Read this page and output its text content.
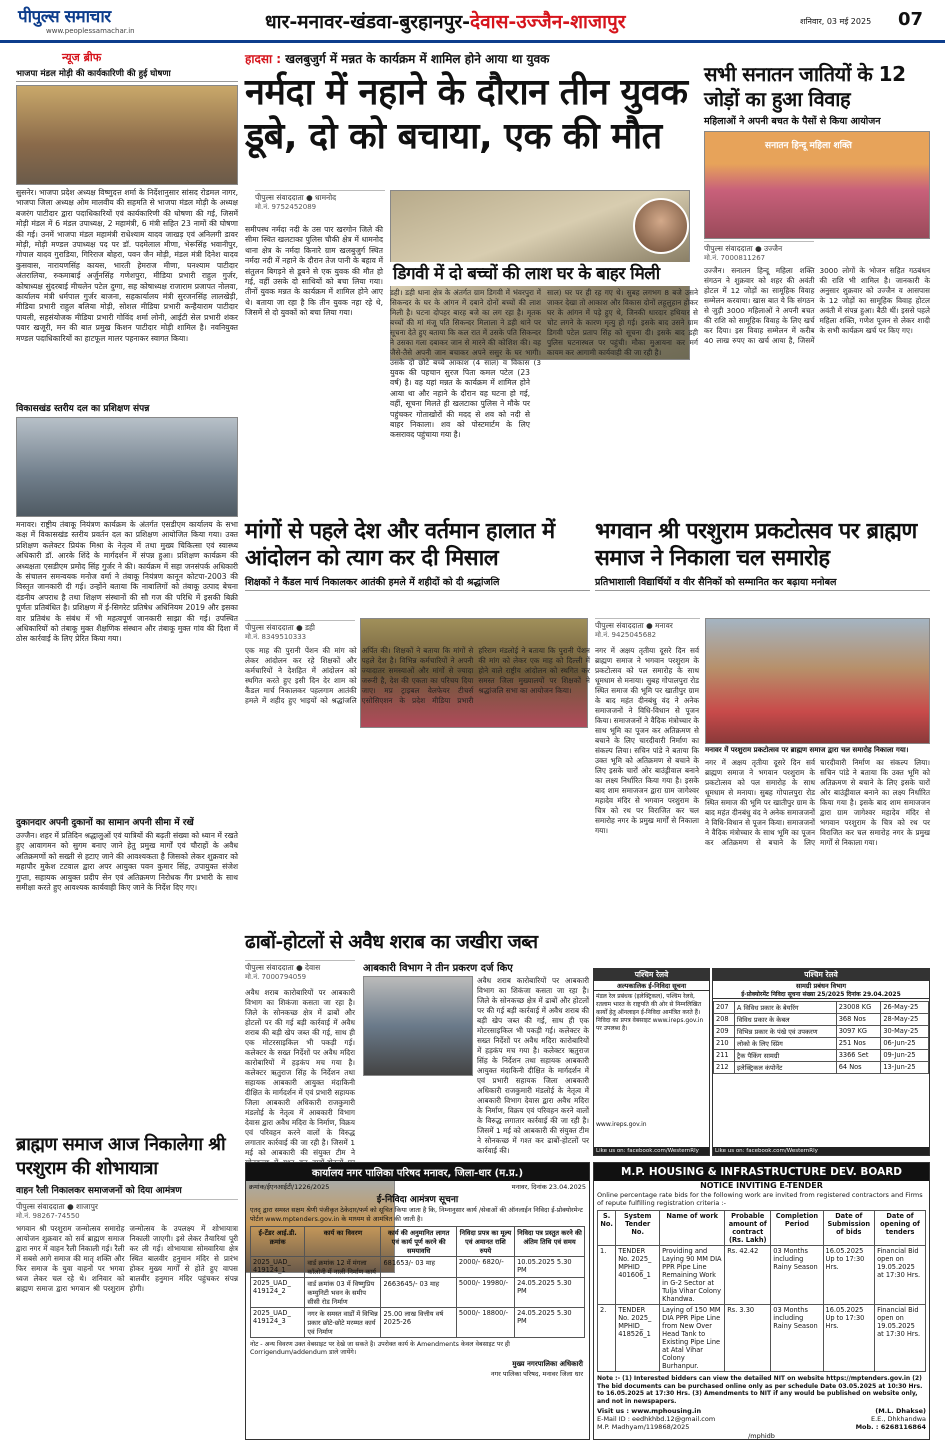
पीपुल्स समाचार
www.peoplessamachar.in	धार-मनावर-खंडवा-बुरहानपुर-देवास-उज्जैन-शाजापुर	शनिवार, 03 मई 2025	07
न्यूज ब्रीफ
भाजपा मंडल मोड़ी की कार्यकारिणी की हुई घोषणा
सुसनेर। भाजपा प्रदेश अध्यक्ष विष्णुदत्त शर्मा के निर्देशानुसार सांसद रोडमल नागर, भाजपा जिला अध्यक्ष ओम मालवीय की सहमति से भाजपा मंडल मोड़ी के अध्यक्ष बजरंग पाटीदार द्वारा पदाधिकारियों एवं कार्यकारिणी की घोषणा की गई, जिसमें मोड़ी मंडल में 6 मंडल उपाध्यक्ष, 2 महामंत्री, 6 मंत्री सहित 23 नामों की घोषणा की गई। उनमें भाजपा मंडल महामंत्री राधेश्याम यादव जाखड़ एवं अनिलगी डावर मोड़ी, मोड़ी मण्डल उपाध्यक्ष पद पर डॉ. पदमेलाल मीणा, भेरूसिंह भवानीपुर, गोपाल यादव गुराडिया, गिरिराज बोहरा, पवन जैन मोड़ी, मंडल मंत्री दिनेश यादव कुसवास, नारायणसिंह कायस, भारती हेमराज मीणा, घनश्याम पाटीदार अंतरालिया, रुकमाबाई अर्जुनसिंह गणेशपुरा, मीडिया प्रभारी राहुल गुर्जर, कोषाध्यक्ष सुंदरबाई मीचलेन पटेल दुग्गा, सह कोषाध्यक्ष राजाराम प्रजापत नोलवा, कार्यालय मंत्री धर्मपाल गुर्जर बाजना, सहकार्यालय मंत्री सुरजनसिंह लालखेड़ी, मीडिया प्रभारी राहुल बलिया मोड़ी, सोशल मीडिया प्रभारी कन्हैयाराम पाटीदार पायली, सहसंयोजक मीडिया प्रभारी गोविंद शर्मा लोनी, आईटी सेल प्रभारी शंकर पवार खजूरी, मन की बात प्रमुख किशन पाटीदार मोड़ी शामिल है। नवनियुक्त मण्डल पदाधिकारियों का हाटफूल मालर पहनाकर स्वागत किया।
विकासखंड स्तरीय दल का प्रशिक्षण संपन्न
मनावर। राष्ट्रीय तंबाकू नियंत्रण कार्यक्रम के अंतर्गत एसडीएम कार्यालय के सभा कक्ष में विकासखंड स्तरीय प्रवर्तन दल का प्रशिक्षण आयोजित किया गया। उक्त प्रशिक्षण कलेक्टर प्रियंक मिश्रा के नेतृत्व में तथा मुख्य चिकित्सा एवं स्वास्थ्य अधिकारी डॉ. आरके शिंदे के मार्गदर्शन में संपन्न हुआ। प्रशिक्षण कार्यक्रम की अध्यक्षता एसडीएम प्रमोद सिंह गुर्जर ने की। कार्यक्रम में सहा जनसंपर्क अधिकारी के संचालन समन्वयक मनोज वर्मा ने तंबाकू नियंत्रण कानून कोटपा-2003 की विस्तृत जानकारी दी गई। उन्होंने बताया कि नाबालिगों को तंबाकू उत्पाद बेचना दंडनीय अपराध है तथा शिक्षण संस्थानों की सौ गज की परिधि में इसकी बिक्री पूर्णतः प्रतिबंधित है। प्रशिक्षण में ई-सिगरेट प्रतिषेध अधिनियम 2019 और इसका वार प्रतिबंध के संबंध में भी महत्वपूर्ण जानकारी साझा की गई। उपस्थित अधिकारियों को तंबाकू मुक्त शैक्षणिक संस्थान और तंबाकू मुक्त गांव की दिशा में ठोस कार्रवाई के लिए प्रेरित किया गया।
दुकानदार अपनी दुकानों का सामान अपनी सीमा में रखें
उज्जैन। शहर में प्रतिदिन श्रद्धालुओं एवं यात्रियों की बढ़ती संख्या को ध्यान में रखते हुए आवागमन को सुगम बनाए जाने हेतु प्रमुख मार्गों एवं चौराहों के अवैध अतिक्रमणों को सख्ती से हटाए जाने की आवश्यकता है जिसको लेकर शुक्रवार को महापौर मुकेश टटवाल द्वारा अपर आयुक्त पवन कुमार सिंह, उपायुक्त संजेश गुप्ता, सहायक आयुक्त प्रदीप सेन एवं अतिक्रमण निरोधक गैंग प्रभारी के साथ समीक्षा करते हुए आवश्यक कार्यवाही किए जाने के निर्देश दिए गए।
हादसा : खलबुजुर्ग में मन्नत के कार्यक्रम में शामिल होने आया था युवक
नर्मदा में नहाने के दौरान तीन युवक डूबे, दो को बचाया, एक की मौत
पीपुल्स संवाददाता ● धामनोद
मो.नं. 9752452089
समीपस्थ नर्मदा नदी के उस पार खरगोन जिले की सीमा स्थित खलटाका पुलिस चौकी क्षेत्र में धामनोद थाना क्षेत्र के नर्मदा किनारे ग्राम खलबुजुर्ग स्थित नर्मदा नदी में नहाने के दौरान तेज पानी के बहाव में संतुलन बिगड़ने से डूबने से एक युवक की मौत हो गई, वहीं उसके दो साथियों को बचा लिया गया। तीनों युवक मन्नत के कार्यक्रम में शामिल होने आए थे। बताया जा रहा है कि तीन युवक नहा रहे थे, जिसमें से दो युवकों को बचा लिया गया।
युवक की पहचान सुरज पिता कमल पटेल (23 वर्ष) है। वह यहां मन्नत के कार्यक्रम में शामिल होने आया था और नहाने के दौरान वह घटना हो गई, वहीं, सूचना मिलते ही खलटाका पुलिस ने मौके पर पहुंचकर गोताखोरों की मदद से शव को नदी से बाहर निकाला। शव को पोस्टमार्टम के लिए कसरावद पहुंचाया गया है।
डिगवी में दो बच्चों की लाश घर के बाहर मिली
डही। डही थाना क्षेत्र के अंतर्गत ग्राम डिगवी में भंवरपुरा में सिकन्दर के घर के आंगन में दबाने दोनों बच्चों की लाश मिली है। घटना दोपहर बारह बजे का लग रहा है। मृतक बच्चों की मां मंजू पति सिकन्दर मिलाला ने डही थाने पर सूचना देते हुए बताया कि कल रात में उसके पति सिकन्दर ने उसका गला दबाकर जान से मारने की कोशिश की। वह जैसे-तैसे अपनी जान बचाकर अपने ससुर के घर भागी। उसके दो छोटे बच्चे आकाश (4 साल) व विकास (3 साल) घर पर ही रह गए थे। सुबह लगभग 8 बजे उसने जाकर देखा तो आकाश और विकास दोनों लहूलुहान होकर घर के आंगन में पड़े हुए थे, जिनकी धारदार हथियार से चोट लगने के कारण मृत्यु हो गई। इसके बाद उसने ग्राम डिगवी पटेल प्रताप सिंह को सूचना दी। इसके बाद डही पुलिस घटनास्थल पर पहुंची। मौका मुआयना कर मर्ग कायम कर आगामी कार्यवाही की जा रही है।
सभी सनातन जातियों के 12 जोड़ों का हुआ विवाह
महिलाओं ने अपनी बचत के पैसों से किया आयोजन
सनातन हिन्दू महिला शक्ति
पीपुल्स संवाददाता ● उज्जैन
मो.नं. 7000811267
उज्जैन। सनातन हिन्दू महिला शक्ति संगठन ने शुक्रवार को शहर की अवंती होटल में 12 जोड़ों का सामूहिक विवाह सम्मेलन करवाया। खास बात ये कि संगठन से जुड़ी 3000 महिलाओं ने अपनी बचत की राशि को सामूहिक विवाह के लिए खर्च कर दिया। इस विवाह सम्मेलन में करीब 40 लाख रुपए का खर्च आया है, जिसमें 3000 लोगों के भोजन सहित गठबंधन की राशि भी शामिल है। जानकारी के अनुसार शुक्रवार को उज्जैन व आसपास के 12 जोड़ों का सामूहिक विवाह होटल अवंती में संपन्न हुआ। बैठी थीं। इससे पहले महिला शक्ति, गणेश पूजन से लेकर शादी के सभी कार्यक्रम खर्च पर किए गए।
मांगों से पहले देश और वर्तमान हालात में आंदोलन को त्याग कर दी मिसाल
शिक्षकों ने कैंडल मार्च निकालकर आतंकी हमले में शहीदों को दी श्रद्धांजलि
पीपुल्स संवाददाता ● डही
मो.नं. 8349510333
एक माह की पुरानी पेंशन की मांग को लेकर आंदोलन कर रहे शिक्षकों और कर्मचारियों ने देशहित में आंदोलन को स्थगित करते हुए इसी दिन देर शाम को कैंडल मार्च निकालकर पहलगाम आतंकी हमले में शहीद हुए भाइयों को श्रद्धांजलि अर्पित की। शिक्षकों ने बताया कि मांगों से पहले देश है। विभिन्न कर्मचारियों ने अपनी ज्यादातर समस्याओं और मांगों से ज्यादा जरूरी है, देश की एकता का परिचय दिया जाए। मप्र ट्राइबल वेलफेयर टीचर्स एसोसिएशन के प्रदेश मीडिया प्रभारी हरिराम मंडलोई ने बताया कि पुरानी पेंशन की मांग को लेकर एक माह को दिल्ली में होने वाले राष्ट्रीय आंदोलन को स्थगित कर समस्त जिला मुख्यालयों पर शिक्षकों ने श्रद्धांजलि सभा का आयोजन किया।
भगवान श्री परशुराम प्रकटोत्सव पर ब्राह्मण समाज ने निकाला चल समारोह
प्रतिभाशाली विद्यार्थियों व वीर सैनिकों को सम्मानित कर बढ़ाया मनोबल
पीपुल्स संवाददाता ● मनावर
मो.नं. 9425045682
नगर में अक्षय तृतीया दूसरे दिन सर्व ब्राह्मण समाज ने भगवान परशुराम के प्रकटोत्सव को पल समारोह के साथ धूमधाम से मनाया। सुबह गोपालपुरा रोड स्थित समाज की भूमि पर खातीपुर ग्राम के बाद महंत दीनबंधु वंद ने अनेक समाजजनों ने विधि-विधान से पूजन किया। समाजजनों ने वैदिक मंत्रोच्चार के साथ भूमि का पूजन कर अतिक्रमण से बचाने के लिए चारदीवारी निर्माण का संकल्प लिया। सचिन पांडे ने बताया कि उक्त भूमि को अतिक्रमण से बचाने के लिए इसके चारों ओर बाउंड्रीवाल बनाने का लक्ष्य निर्धारित किया गया है। इसके बाद शाम समाजजन द्वारा ग्राम जागेश्वर महादेव मंदिर से भगवान परशुराम के चित्र को रथ पर विराजित कर चल समारोह नगर के प्रमुख मार्गों से निकाला गया।
मनावर में परशुराम प्रकटोत्सव पर ब्राह्मण समाज द्वारा चल समारोह निकाला गया।
नगर में अक्षय तृतीया दूसरे दिन सर्व ब्राह्मण समाज ने भगवान परशुराम के प्रकटोत्सव को पल समारोह के साथ धूमधाम से मनाया। सुबह गोपालपुरा रोड स्थित समाज की भूमि पर खातीपुर ग्राम के बाद महंत दीनबंधु वंद ने अनेक समाजजनों ने विधि-विधान से पूजन किया। समाजजनों ने वैदिक मंत्रोच्चार के साथ भूमि का पूजन कर अतिक्रमण से बचाने के लिए चारदीवारी निर्माण का संकल्प लिया। सचिन पांडे ने बताया कि उक्त भूमि को अतिक्रमण से बचाने के लिए इसके चारों ओर बाउंड्रीवाल बनाने का लक्ष्य निर्धारित किया गया है। इसके बाद शाम समाजजन द्वारा ग्राम जागेश्वर महादेव मंदिर से भगवान परशुराम के चित्र को रथ पर विराजित कर चल समारोह नगर के प्रमुख मार्गों से निकाला गया।
ढाबों-होटलों से अवैध शराब का जखीरा जब्त
पीपुल्स संवाददाता ● देवास
मो.नं. 7000794059
आबकारी विभाग ने तीन प्रकरण दर्ज किए
अवैध शराब कारोबारियों पर आबकारी विभाग का शिकंजा कसता जा रहा है। जिले के सोनकच्छ क्षेत्र में ढाबों और होटलों पर की गई बड़ी कार्रवाई में अवैध शराब की बड़ी खेप जब्त की गई, साथ ही एक मोटरसाइकिल भी पकड़ी गई। कलेक्टर के सख्त निर्देशों पर अवैध मदिरा कारोबारियों में हड़कंप मच गया है। कलेक्टर ऋतुराज सिंह के निर्देशन तथा सहायक आबकारी आयुक्त मंदाकिनी दीक्षित के मार्गदर्शन में एवं प्रभारी सहायक जिला आबकारी अधिकारी राजकुमारी मंडलोई के नेतृत्व में आबकारी विभाग देवास द्वारा अवैध मदिरा के निर्माण, विक्रय एवं परिवहन करने वालों के विरुद्ध लगातार कार्रवाई की जा रही है। जिसमें 1 मई को आबकारी की संयुक्त टीम ने
अवैध शराब कारोबारियों पर आबकारी विभाग का शिकंजा कसता जा रहा है। जिले के सोनकच्छ क्षेत्र में ढाबों और होटलों पर की गई बड़ी कार्रवाई में अवैध शराब की बड़ी खेप जब्त की गई, साथ ही एक मोटरसाइकिल भी पकड़ी गई। कलेक्टर के सख्त निर्देशों पर अवैध मदिरा कारोबारियों में हड़कंप मच गया है। कलेक्टर ऋतुराज सिंह के निर्देशन तथा सहायक आबकारी आयुक्त मंदाकिनी दीक्षित के मार्गदर्शन में एवं प्रभारी सहायक जिला आबकारी अधिकारी राजकुमारी मंडलोई के नेतृत्व में आबकारी विभाग देवास द्वारा अवैध मदिरा के निर्माण, विक्रय एवं परिवहन करने वालों के विरुद्ध लगातार कार्रवाई की जा रही है। जिसमें 1 मई को आबकारी की संयुक्त टीम ने सोनकच्छ में गश्त कर ढाबों-होटलों पर कार्रवाई की।
पश्चिम रेलवे
अल्पकालिक ई-निविदा सूचना
मंडल रेल प्रबंधक (इलेक्ट्रिकल), पश्चिम रेलवे, रतलाम भारत के राष्ट्रपति की ओर से निम्नलिखित कार्यों हेतु ऑनलाइन ई-निविदा आमंत्रित करते हैं। निविदा का प्रपत्र वेबसाइट www.ireps.gov.in पर उपलब्ध है।
www.ireps.gov.in
Like us on: facebook.com/WesternRly
पश्चिम रेलवे
सामग्री प्रबंधन विभाग
ई-प्रोक्योरमेंट निविदा सूचना संख्या 25/2025 दिनांक 29.04.2025
207	A विविध प्रकार के बेयरिंग	23008 KG	26-May-25
208	विविध प्रकार के केबल	368 Nos	28-May-25
209	विभिन्न प्रकार के पंखे एवं उपकरण	3097 KG	30-May-25
210	लोको के लिए स्प्रिंग	251 Nos	06-Jun-25
211	ट्रैक पैकिंग सामग्री	3366 Set	09-Jun-25
212	इलेक्ट्रिकल कंपोनेंट	64 Nos	13-Jun-25
Like us on: facebook.com/WesternRly
ब्राह्मण समाज आज निकालेगा श्री परशुराम की शोभायात्रा
वाहन रैली निकालकर समाजजनों को दिया आमंत्रण
पीपुल्स संवाददाता ● शाजापुर
मो.नं. 98267-74550
भगवान श्री परशुराम जन्मोत्सव समारोह आयोजन शुक्रवार को सर्व ब्राह्मण समाज द्वारा नगर में वाहन रैली निकाली गई। रैली में सबसे आगे समाज की मातृ शक्ति और फिर समाज के युवा वाहनों पर भगवा ध्वज लेकर चल रहे थे। शनिवार को ब्राह्मण समाज द्वारा भगवान श्री परशुराम जन्मोत्सव के उपलक्ष्य में शोभायात्रा निकाली जाएगी। इसे लेकर तैयारियां पूरी कर ली गई। शोभायात्रा सोमवारिया क्षेत्र स्थित बालवीर हनुमान मंदिर से प्रारंभ होकर मुख्य मार्गों से होते हुए वापस बालवीर हनुमान मंदिर पहुंचकर संपन्न होगी।
कार्यालय नगर पालिका परिषद मनावर, जिला-धार (म.प्र.)
क्रमांक/ईएनआईटी/1226/2025	मनावर, दिनांक 23.04.2025
ई-निविदा आमंत्रण सूचना
एतद् द्वारा समस्त सक्षम श्रेणी पंजीकृत ठेकेदार/फर्म को सूचित किया जाता है कि, निम्नानुसार कार्य /सेवाओं की ऑनलाईन निविदा ई-प्रोक्योरमेन्ट पोर्टल www.mptenders.gov.in के माध्यम से आमंत्रित की जाती है।
ई-टेंडर आई.डी. क्रमांक	कार्य का विवरण	कार्य की अनुमानित लागत एवं कार्य पूर्ण करने की समयावधि	निविदा प्रपत्र का मूल्य एवं अमानत राशि रुपये	निविदा पत्र प्रस्तुत करने की अंतिम तिथि एवं समय
2025_UAD_ 419124_1	वार्ड क्रमांक 12 में मंगला कॉलोनी में नाली निर्माण कार्य	681653/- 03 माह	2000/- 6820/-	10.05.2025 5.30 PM
2025_UAD_ 419124_2	वार्ड क्रमांक 03 में विष्णुप्रिय कम्युनिटी भवन के समीप सीसी रोड निर्माण	2663645/- 03 माह	5000/- 19980/-	24.05.2025 5.30 PM
2025_UAD_ 419124_3	नगर के समस्त वार्डों में विभिन्न प्रकार छोटे-छोटे मरम्मत कार्य एवं निर्माण	25.00 लाख वित्तीय वर्ष 2025-26	5000/- 18800/-	24.05.2025 5.30 PM
नोट - अन्य विवरण उक्त वेबसाइट पर देखे जा सकते है। उपरोक्त कार्य के Amendments केवल वेबसाइट पर ही Corrigendum/addendum डाले जायेंगे।
मुख्य नगरपालिका अधिकारी
नगर पालिका परिषद, मनावर जिला धार
M.P. HOUSING & INFRASTRUCTURE DEV. BOARD
NOTICE INVITING E-TENDER
Online percentage rate bids for the following work are invited from registered contractors and Firms of repute fulfilling registration criteria :-
S. No.	System Tender No.	Name of work	Probable amount of contract (Rs. Lakh)	Completion Period	Date of Submission of bids	Date of opening of tenders
1.	TENDER No. 2025_ MPHID_ 401606_1	Providing and Laying 90 MM DIA PPR Pipe Line Remaining Work in G-2 Sector at Tulja Vihar Colony Khandwa.	Rs. 42.42	03 Months including Rainy Season	16.05.2025 Up to 17:30 Hrs.	Financial Bid open on 19.05.2025 at 17:30 Hrs.
2.	TENDER No. 2025_ MPHID_ 418526_1	Laying of 150 MM DIA PPR Pipe Line from New Over Head Tank to Existing Pipe Line at Atal Vihar Colony Burhanpur.	Rs. 3.30	03 Months including Rainy Season	16.05.2025 Up to 17:30 Hrs.	Financial Bid open on 19.05.2025 at 17:30 Hrs.
Note :- (1) Interested bidders can view the detailed NIT on website https://mptenders.gov.in (2) The bid documents can be purchased online only as per schedule Date 03.05.2025 at 10:30 Hrs. to 16.05.2025 at 17:30 Hrs. (3) Amendments to NIT if any would be published on website only, and not in newspapers.
Visit us : www.mphousing.in
E-Mail ID : eedhkhbd.12@gmail.com
M.P. Madhyam/119868/2025
(M.L. Dhakse)
E.E., Dhkhandwa
Mob. : 6268116864
/mphidb
